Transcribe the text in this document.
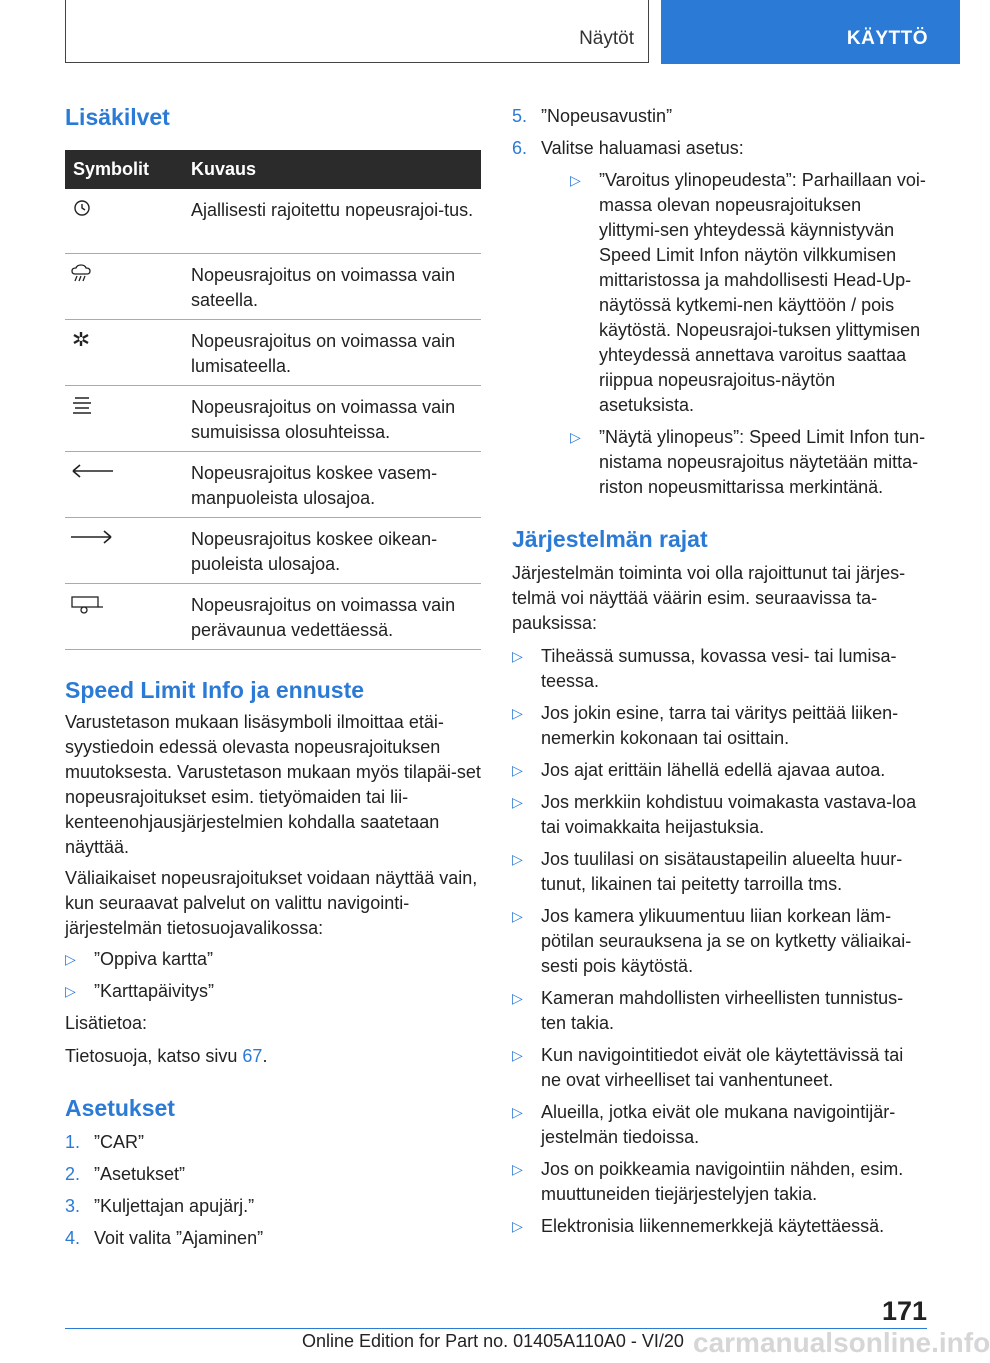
Näytöt	KÄYTTÖ
Lisäkilvet
Symbolit	Kuvaus

	Ajallisesti rajoitettu nopeusrajoi‐tus.

	Nopeusrajoitus on voimassa vain sateella.

	Nopeusrajoitus on voimassa vain lumisateella.

	Nopeusrajoitus on voimassa vain sumuisissa olosuhteissa.

	Nopeusrajoitus koskee vasem‐manpuoleista ulosajoa.

	Nopeusrajoitus koskee oikean‐puoleista ulosajoa.

	Nopeusrajoitus on voimassa vain perävaunua vedettäessä.
Speed Limit Info ja ennuste

Varustetason mukaan lisäsymboli ilmoittaa etäi‐syystiedoin edessä olevasta nopeusrajoituksen muutoksesta. Varustetason mukaan myös tilapäi‐set nopeusrajoitukset esim. tietyömaiden tai lii‐kenteenohjausjärjestelmien kohdalla saatetaan näyttää.

Väliaikaiset nopeusrajoitukset voidaan näyttää vain, kun seuraavat palvelut on valittu navigointi‐järjestelmän tietosuojavalikossa:

▷ ”Oppiva kartta”
▷ ”Karttapäivitys”

Lisätietoa:

Tietosuoja, katso sivu 67.

Asetukset
1. ”CAR”
2. ”Asetukset”
3. ”Kuljettajan apujärj.”
4. Voit valita ”Ajaminen”
5. ”Nopeusavustin”
6. Valitse haluamasi asetus:
▷ ”Varoitus ylinopeudesta”: Parhaillaan voi‐massa olevan nopeusrajoituksen ylittymi‐sen yhteydessä käynnistyvän Speed Limit Infon näytön vilkkumisen mittaristossa ja mahdollisesti Head-Up-näytössä kytkemi‐nen käyttöön / pois käytöstä. Nopeusrajoi‐tuksen ylittymisen yhteydessä annettava varoitus saattaa riippua nopeusrajoitus‐näytön asetuksista.
▷ ”Näytä ylinopeus”: Speed Limit Infon tun‐nistama nopeusrajoitus näytetään mitta‐riston nopeusmittarissa merkintänä.
Järjestelmän rajat

Järjestelmän toiminta voi olla rajoittunut tai järjes‐telmä voi näyttää väärin esim. seuraavissa ta‐pauksissa:

▷ Tiheässä sumussa, kovassa vesi- tai lumisa‐teessa.
▷ Jos jokin esine, tarra tai väritys peittää liiken‐nemerkin kokonaan tai osittain.
▷ Jos ajat erittäin lähellä edellä ajavaa autoa.
▷ Jos merkkiin kohdistuu voimakasta vastava‐loa tai voimakkaita heijastuksia.
▷ Jos tuulilasi on sisätaustapeilin alueelta huur‐tunut, likainen tai peitetty tarroilla tms.
▷ Jos kamera ylikuumentuu liian korkean läm‐pötilan seurauksena ja se on kytketty väliaikai‐sesti pois käytöstä.
▷ Kameran mahdollisten virheellisten tunnistus‐ten takia.
▷ Kun navigointitiedot eivät ole käytettävissä tai ne ovat virheelliset tai vanhentuneet.
▷ Alueilla, jotka eivät ole mukana navigointijär‐jestelmän tiedoissa.
▷ Jos on poikkeamia navigointiin nähden, esim. muuttuneiden tiejärjestelyjen takia.
▷ Elektronisia liikennemerkkejä käytettäessä.
171
Online Edition for Part no. 01405A110A0 - VI/20 carmanualsonline.info
